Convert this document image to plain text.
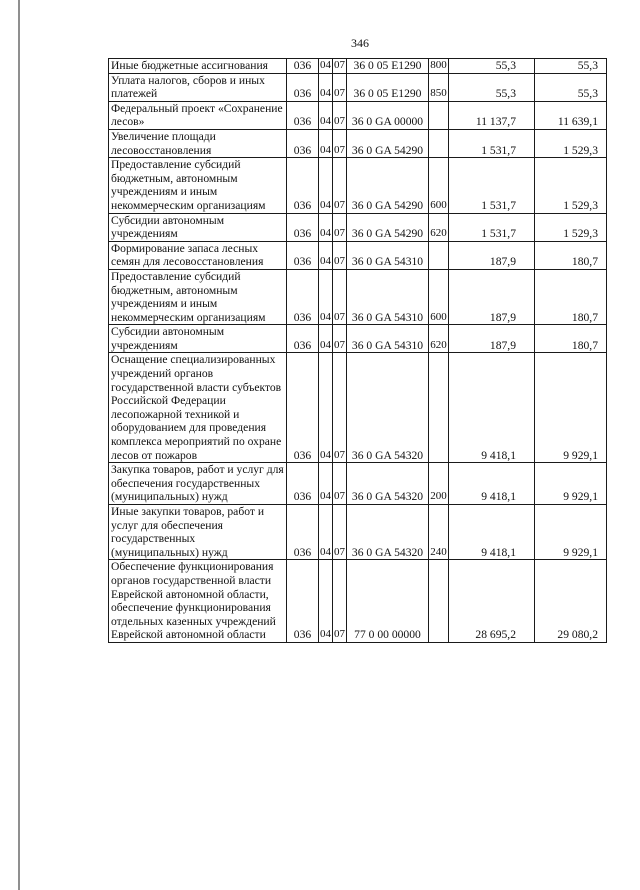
346
Иные бюджетные ассигнования	036	04	07	36 0 05 E1290	800	55,3	55,3
Уплата налогов, сборов и иных платежей	036	04	07	36 0 05 E1290	850	55,3	55,3
Федеральный проект «Сохранение лесов»	036	04	07	36 0 GA 00000		11 137,7	11 639,1
Увеличение площади лесовосстановления	036	04	07	36 0 GA 54290		1 531,7	1 529,3
Предоставление субсидий бюджетным, автономным учреждениям и иным некоммерческим организациям	036	04	07	36 0 GA 54290	600	1 531,7	1 529,3
Субсидии автономным учреждениям	036	04	07	36 0 GA 54290	620	1 531,7	1 529,3
Формирование запаса лесных семян для лесовосстановления	036	04	07	36 0 GA 54310		187,9	180,7
Предоставление субсидий бюджетным, автономным учреждениям и иным некоммерческим организациям	036	04	07	36 0 GA 54310	600	187,9	180,7
Субсидии автономным учреждениям	036	04	07	36 0 GA 54310	620	187,9	180,7
Оснащение специализированных учреждений органов государственной власти субъектов Российской Федерации лесопожарной техникой и оборудованием для проведения комплекса мероприятий по охране лесов от пожаров	036	04	07	36 0 GA 54320		9 418,1	9 929,1
Закупка товаров, работ и услуг для обеспечения государственных (муниципальных) нужд	036	04	07	36 0 GA 54320	200	9 418,1	9 929,1
Иные закупки товаров, работ и услуг для обеспечения государственных (муниципальных) нужд	036	04	07	36 0 GA 54320	240	9 418,1	9 929,1
Обеспечение функционирования органов государственной власти Еврейской автономной области, обеспечение функционирования отдельных казенных учреждений Еврейской автономной области	036	04	07	77 0 00 00000		28 695,2	29 080,2
